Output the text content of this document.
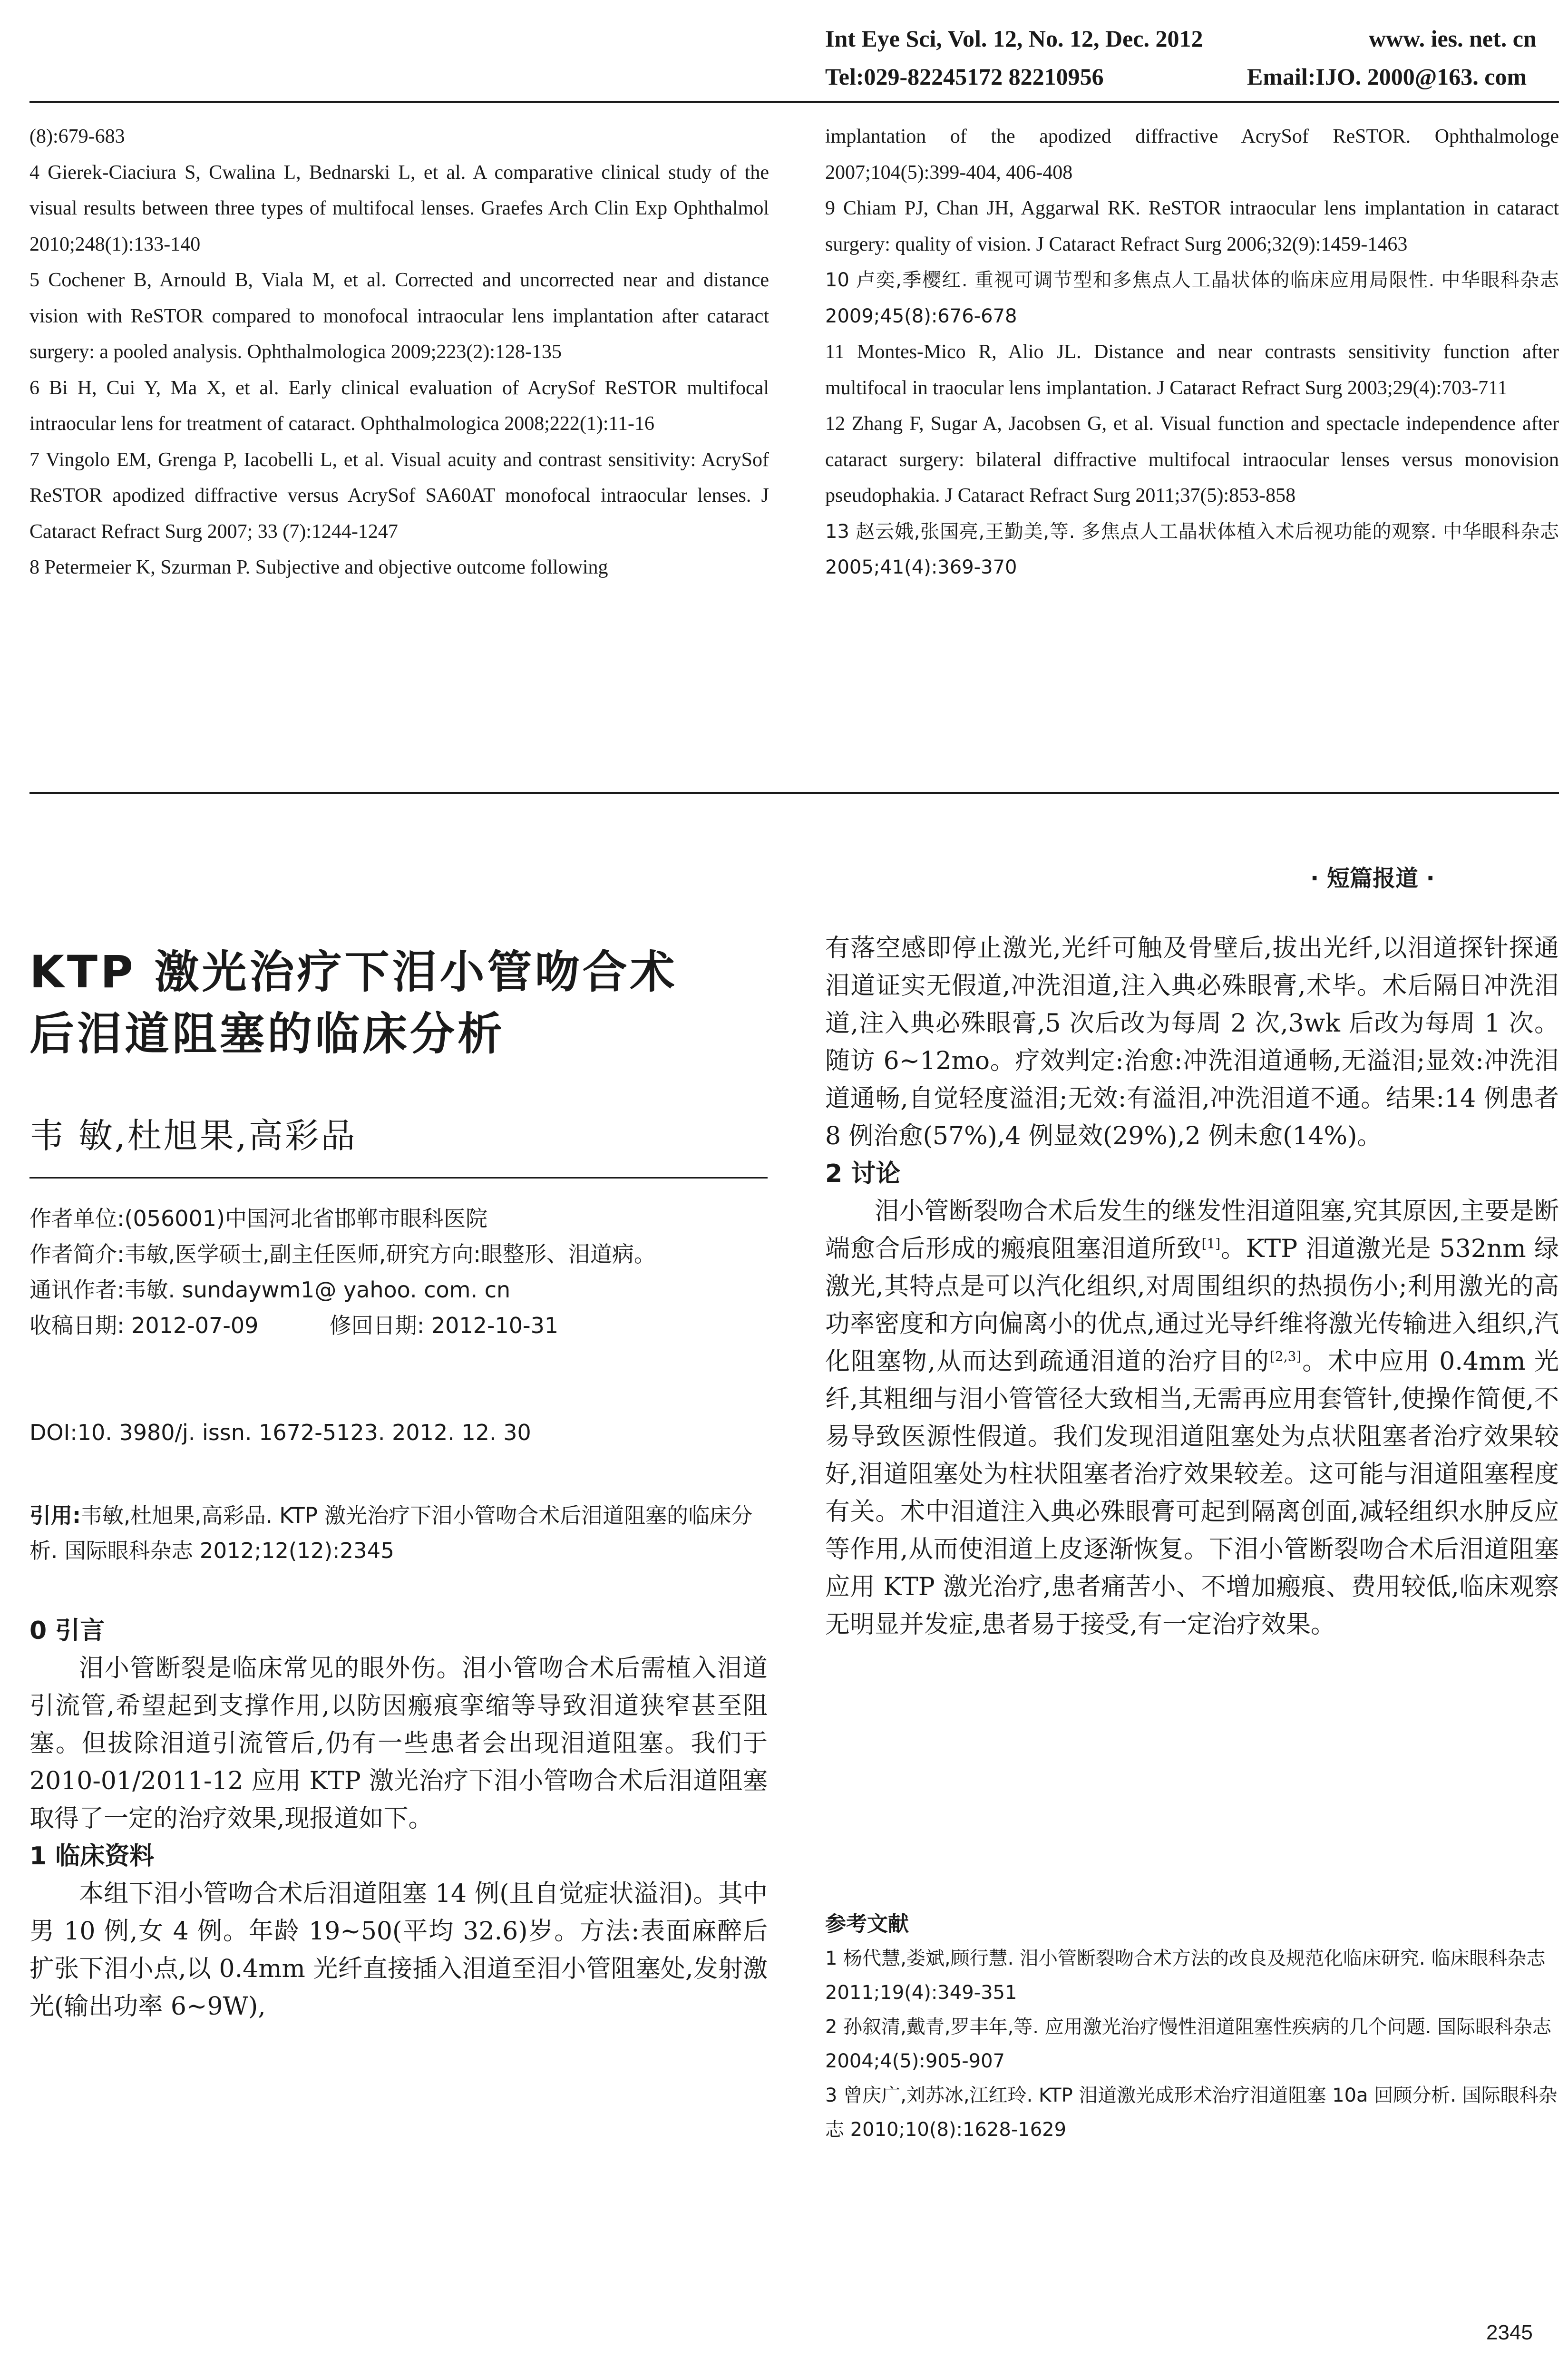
Int Eye Sci, Vol. 12, No. 12, Dec. 2012	www. ies. net. cn
Tel:029-82245172 82210956	Email:IJO. 2000@163. com

(8):679-683

4 Gierek-Ciaciura S, Cwalina L, Bednarski L, et al. A comparative clinical study of the visual results between three types of multifocal lenses. Graefes Arch Clin Exp Ophthalmol 2010;248(1):133-140

5 Cochener B, Arnould B, Viala M, et al. Corrected and uncorrected near and distance vision with ReSTOR compared to monofocal intraocular lens implantation after cataract surgery: a pooled analysis. Ophthalmologica 2009;223(2):128-135

6 Bi H, Cui Y, Ma X, et al. Early clinical evaluation of AcrySof ReSTOR multifocal intraocular lens for treatment of cataract. Ophthalmologica 2008;222(1):11-16

7 Vingolo EM, Grenga P, Iacobelli L, et al. Visual acuity and contrast sensitivity: AcrySof ReSTOR apodized diffractive versus AcrySof SA60AT monofocal intraocular lenses. J Cataract Refract Surg 2007; 33 (7):1244-1247

8 Petermeier K, Szurman P. Subjective and objective outcome following

implantation of the apodized diffractive AcrySof ReSTOR. Ophthalmologe 2007;104(5):399-404, 406-408

9 Chiam PJ, Chan JH, Aggarwal RK. ReSTOR intraocular lens implantation in cataract surgery: quality of vision. J Cataract Refract Surg 2006;32(9):1459-1463

10 卢奕,季樱红. 重视可调节型和多焦点人工晶状体的临床应用局限性. 中华眼科杂志 2009;45(8):676-678

11 Montes-Mico R, Alio JL. Distance and near contrasts sensitivity function after multifocal in traocular lens implantation. J Cataract Refract Surg 2003;29(4):703-711

12 Zhang F, Sugar A, Jacobsen G, et al. Visual function and spectacle independence after cataract surgery: bilateral diffractive multifocal intraocular lenses versus monovision pseudophakia. J Cataract Refract Surg 2011;37(5):853-858

13 赵云娥,张国亮,王勤美,等. 多焦点人工晶状体植入术后视功能的观察. 中华眼科杂志 2005;41(4):369-370

· 短篇报道 ·
KTP 激光治疗下泪小管吻合术
后泪道阻塞的临床分析
韦 敏,杜旭果,高彩品

作者单位:(056001)中国河北省邯郸市眼科医院

作者简介:韦敏,医学硕士,副主任医师,研究方向:眼整形、泪道病。

通讯作者:韦敏. sundaywm1@ yahoo. com. cn

收稿日期: 2012-07-09	修回日期: 2012-10-31

DOI:10. 3980/j. issn. 1672-5123. 2012. 12. 30
引用:韦敏,杜旭果,高彩品. KTP 激光治疗下泪小管吻合术后泪道阻塞的临床分析. 国际眼科杂志 2012;12(12):2345

0 引言

泪小管断裂是临床常见的眼外伤。泪小管吻合术后需植入泪道引流管,希望起到支撑作用,以防因瘢痕挛缩等导致泪道狭窄甚至阻塞。但拔除泪道引流管后,仍有一些患者会出现泪道阻塞。我们于 2010-01/2011-12 应用 KTP 激光治疗下泪小管吻合术后泪道阻塞取得了一定的治疗效果,现报道如下。

1 临床资料

本组下泪小管吻合术后泪道阻塞 14 例(且自觉症状溢泪)。其中男 10 例,女 4 例。年龄 19~50(平均 32.6)岁。方法:表面麻醉后扩张下泪小点,以 0.4mm 光纤直接插入泪道至泪小管阻塞处,发射激光(输出功率 6~9W),

有落空感即停止激光,光纤可触及骨壁后,拔出光纤,以泪道探针探通泪道证实无假道,冲洗泪道,注入典必殊眼膏,术毕。术后隔日冲洗泪道,注入典必殊眼膏,5 次后改为每周 2 次,3wk 后改为每周 1 次。随访 6~12mo。疗效判定:治愈:冲洗泪道通畅,无溢泪;显效:冲洗泪道通畅,自觉轻度溢泪;无效:有溢泪,冲洗泪道不通。结果:14 例患者 8 例治愈(57%),4 例显效(29%),2 例未愈(14%)。

2 讨论

泪小管断裂吻合术后发生的继发性泪道阻塞,究其原因,主要是断端愈合后形成的瘢痕阻塞泪道所致[1]。KTP 泪道激光是 532nm 绿激光,其特点是可以汽化组织,对周围组织的热损伤小;利用激光的高功率密度和方向偏离小的优点,通过光导纤维将激光传输进入组织,汽化阻塞物,从而达到疏通泪道的治疗目的[2,3]。术中应用 0.4mm 光纤,其粗细与泪小管管径大致相当,无需再应用套管针,使操作简便,不易导致医源性假道。我们发现泪道阻塞处为点状阻塞者治疗效果较好,泪道阻塞处为柱状阻塞者治疗效果较差。这可能与泪道阻塞程度有关。术中泪道注入典必殊眼膏可起到隔离创面,减轻组织水肿反应等作用,从而使泪道上皮逐渐恢复。下泪小管断裂吻合术后泪道阻塞应用 KTP 激光治疗,患者痛苦小、不增加瘢痕、费用较低,临床观察无明显并发症,患者易于接受,有一定治疗效果。

参考文献

1 杨代慧,娄斌,顾行慧. 泪小管断裂吻合术方法的改良及规范化临床研究. 临床眼科杂志 2011;19(4):349-351

2 孙叙清,戴青,罗丰年,等. 应用激光治疗慢性泪道阻塞性疾病的几个问题. 国际眼科杂志 2004;4(5):905-907

3 曾庆广,刘苏冰,江红玲. KTP 泪道激光成形术治疗泪道阻塞 10a 回顾分析. 国际眼科杂志 2010;10(8):1628-1629

2345
